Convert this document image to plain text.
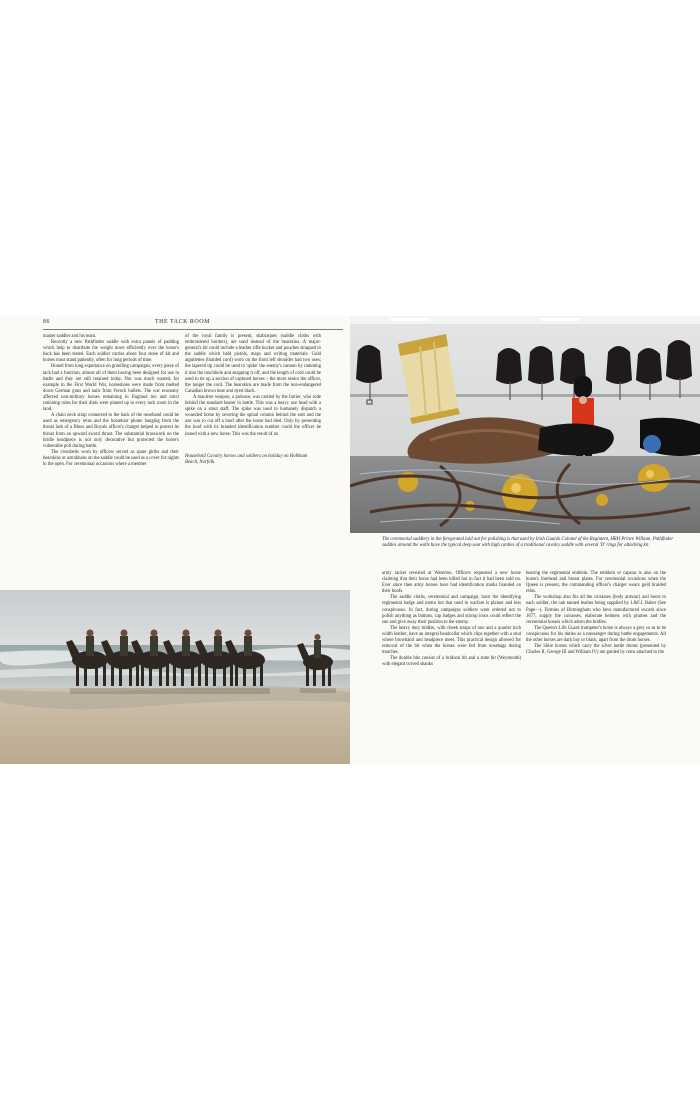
86	THE TACK ROOM

master saddler and his team.

Recently a new Pathfinder saddle with extra panels of padding which help to distribute the weight more efficiently over the horse's back has been tested. Each soldier carries about four stone of kit and horses must stand patiently, often for long periods of time.

Honed from long experience on gruelling campaigns, every piece of tack had a function, almost all of them having been designed for use in battle and they are still retained today. Nor was much wasted, for example in the First World War, horseshoes were made from melted down German guns and nails from French bullets. The war economy affected non-military horses remaining in England too and strict rationing rules for their diets were pinned up in every tack room in the land.

A chain neck strap connected to the back of the noseband could be used as emergency reins and the horsehair plume hanging from the throat lash of a Blues and Royals officer's charger helped to protect its throat from an upward sword thrust. The substantial brasswork on the bridle headpiece is not only decorative but protected the horse's vulnerable poll during battle.

The crossbelts worn by officers served as spare girths and their bearskins or astrakhans on the saddle could be used as a cover for nights in the open. For ceremonial occasions where a member

of the royal family is present, shabraques (saddle cloths with embroidered borders), are used instead of the bearskins. A major-general's kit could include a leather rifle bucket and pouches strapped to the saddle which held pistols, maps and writing materials. Gold aiguilettes (braided cord) worn on the front left shoulder had two uses; the tapered tip could be used to 'spike' the enemy's cannon by ramming it into the touchhole and snapping it off, and the length of cord could be used to tie up a section of captured horses – the more senior the officer, the longer the cord. The bearskins are made from the non-endangered Canadian brown bear and dyed black.

A macabre weapon, a poleaxe, was carried by the farrier, who rode behind the standard bearer in battle. This was a heavy axe head with a spike on a stout staff. The spike was used to humanely dispatch a wounded horse by severing the spinal column behind the ears and the axe was to cut off a hoof after the horse had died. Only by presenting the hoof with its branded identification number could the officer be issued with a new horse. This was the result of an

Household Cavalry horses and soldiers on holiday on Holkham Beach, Norfolk.

The ceremonial saddlery in the foreground laid out for polishing is that used by Irish Guards Colonel of the Regiment, HRH Prince William. Pathfinder saddles around the walls have the typical deep seat with high cantles of a traditional cavalry saddle with several 'D' rings for attaching kit.

army racket revealed at Waterloo. Officers requested a new horse claiming that their horse had been killed but in fact it had been sold on. Ever since then army horses have had identification marks branded on their hoofs.

The saddle cloths, ceremonial and campaign, have the identifying regimental badge and motto but that used in warfare is plainer and less conspicuous. In fact, during campaigns soldiers were ordered not to polish anything as buttons, cap badges and stirrup irons could reflect the sun and give away their position to the enemy.

The heavy duty bridles, with cheek straps of one and a quarter inch width leather, have an integral headcollar which clips together with a stud where browband and headpiece meet. This practical design allowed for removal of the bit when the horses were fed from nosebags during marches.

The double bits consist of a bridoon bit and a state bit (Weymouth) with elegant curved shanks

bearing the regimental emblem. The emblem or capstar is also on the horse's forehead and breast plates. For ceremonial occasions when the Queen is present, the commanding officer's charger wears gold braided reins.

The workshop also fits all the cuirasses (body armour) and boots to each soldier, the oak tanned leather being supplied by J.&F.J. Baker (See Page—). Firmins of Birmingham who have manufactured swords since 1677, supply the cuirasses, elaborate helmets with plumes and the ceremonial bosses which adorn the bridles.

The Queen's Life Guard trumpeter's horse is always a grey so as to be conspicuous for his duties as a messenger during battle engagements. All the other horses are dark bay or black, apart from the drum horses.

The Shire horses which carry the silver kettle drums (presented by Charles II, George III and William IV) are guided by reins attached to the
